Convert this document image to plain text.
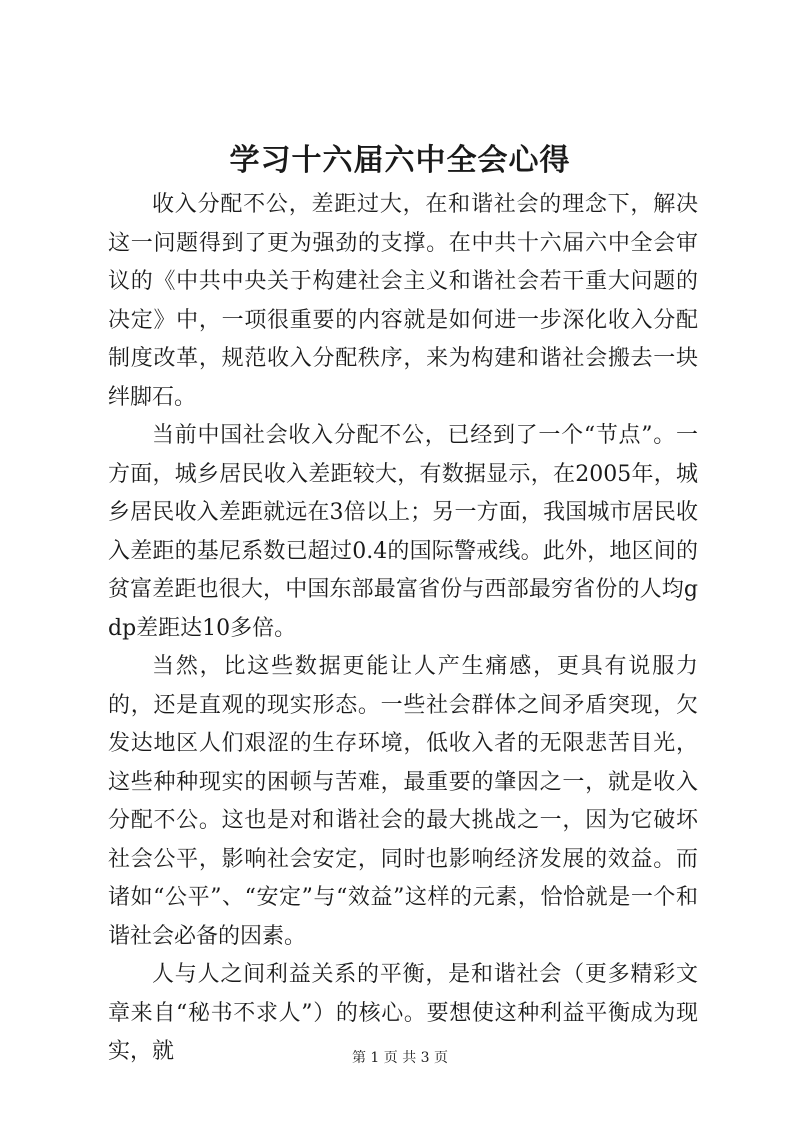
学习十六届六中全会心得

收入分配不公，差距过大，在和谐社会的理念下，解决这一问题得到了更为强劲的支撑。在中共十六届六中全会审议的《中共中央关于构建社会主义和谐社会若干重大问题的决定》中，一项很重要的内容就是如何进一步深化收入分配制度改革，规范收入分配秩序，来为构建和谐社会搬去一块绊脚石。

当前中国社会收入分配不公，已经到了一个“节点”。一方面，城乡居民收入差距较大，有数据显示，在2005年，城乡居民收入差距就远在3倍以上；另一方面，我国城市居民收入差距的基尼系数已超过0.4的国际警戒线。此外，地区间的贫富差距也很大，中国东部最富省份与西部最穷省份的人均gdp差距达10多倍。

当然，比这些数据更能让人产生痛感，更具有说服力的，还是直观的现实形态。一些社会群体之间矛盾突现，欠发达地区人们艰涩的生存环境，低收入者的无限悲苦目光，这些种种现实的困顿与苦难，最重要的肇因之一，就是收入分配不公。这也是对和谐社会的最大挑战之一，因为它破坏社会公平，影响社会安定，同时也影响经济发展的效益。而诸如“公平”、“安定”与“效益”这样的元素，恰恰就是一个和谐社会必备的因素。

人与人之间利益关系的平衡，是和谐社会（更多精彩文章来自“秘书不求人”）的核心。要想使这种利益平衡成为现实，就	第 1 页 共 3 页
